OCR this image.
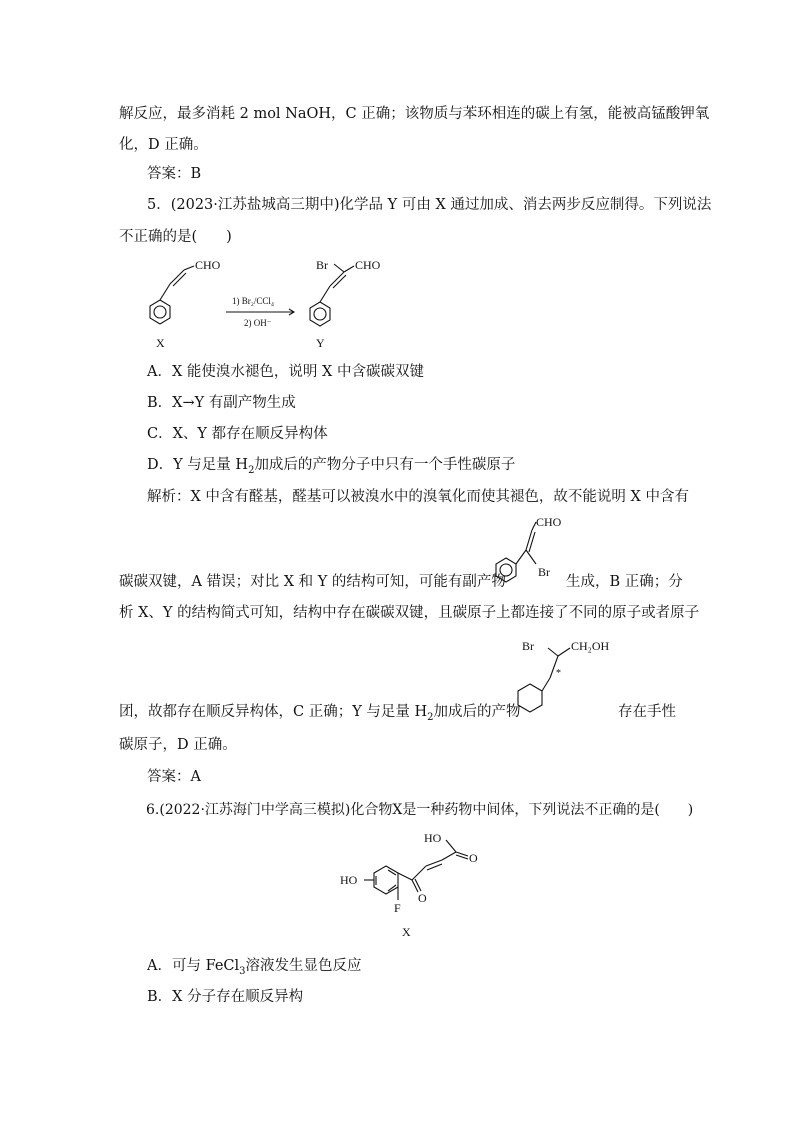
解反应，最多消耗 2 mol NaOH，C 正确；该物质与苯环相连的碳上有氢，能被高锰酸钾氧
化，D 正确。
答案：B
5．(2023·江苏盐城高三期中)化学品 Y 可由 X 通过加成、消去两步反应制得。下列说法
不正确的是(　　)
CHO
X
1) Br₂/CCl₄
2) OH⁻
Br CHO
Y
A．X 能使溴水褪色，说明 X 中含碳碳双键
B．X→Y 有副产物生成
C．X、Y 都存在顺反异构体
D．Y 与足量 $H_2$加成后的产物分子中只有一个手性碳原子
解析：X 中含有醛基，醛基可以被溴水中的溴氧化而使其褪色，故不能说明 X 中含有
CHO
Br
碳碳双键，A 错误；对比 X 和 Y 的结构可知，可能有副产物	生成，B 正确；分
析 X、Y 的结构简式可知，结构中存在碳碳双键，且碳原子上都连接了不同的原子或者原子
Br	CH₂OH
*
团，故都存在顺反异构体，C 正确；Y 与足量 $H_2$加成后的产物	存在手性
碳原子，D 正确。
答案：A
6.(2022·江苏海门中学高三模拟)化合物X是一种药物中间体，下列说法不正确的是(　　)
HO
F
O
O
HO
X
A．可与 FeCl$_3$溶液发生显色反应
B．X 分子存在顺反异构
